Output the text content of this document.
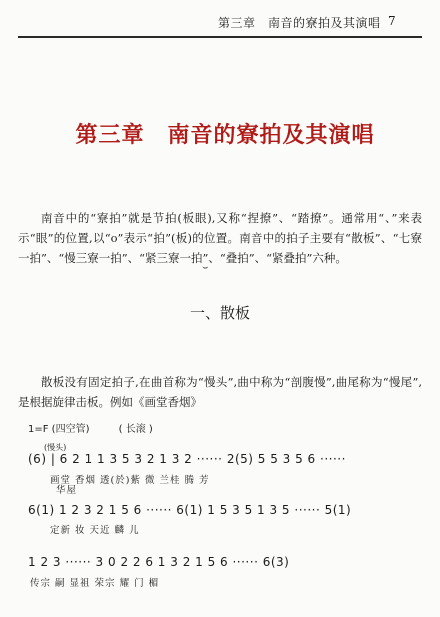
第三章　南音的寮拍及其演唱 7
第三章　南音的寮拍及其演唱
南音中的“寮拍”就是节拍(板眼),又称“捏撩”、“踏撩”。通常用“、”来表示“眼”的位置,以“o”表示“拍”(板)的位置。南音中的拍子主要有“散板”、“七寮一拍”、“慢三寮一拍”、“紧三寮一拍”、“叠拍”、“紧叠拍”六种。
一、散板
散板没有固定拍子,在曲首称为“慢头”,曲中称为“剖腹慢”,曲尾称为“慢尾”,是根据旋律击板。例如《画堂香烟》
1=F (四空管)	( 长滚 )
(慢头)
(6) | 6 2 1 1 3 5 3 2 1 3 2 ······ 2(5) 5 5 3 5 6 ······
画堂 香烟 透(於)紫 微 兰桂 腾 芳
华屋
6(1) 1 2 3 2 1 5 6 ······ 6(1) 1 5 3 5 1 3 5 ······ 5(1)
定新 妆 天近 麟 儿
1 2 3 ······ 3 0 2 2 6 1 3 2 1 5 6 ······ 6(3)
传宗 嗣 显祖 荣宗 耀 门 楣
⌣
